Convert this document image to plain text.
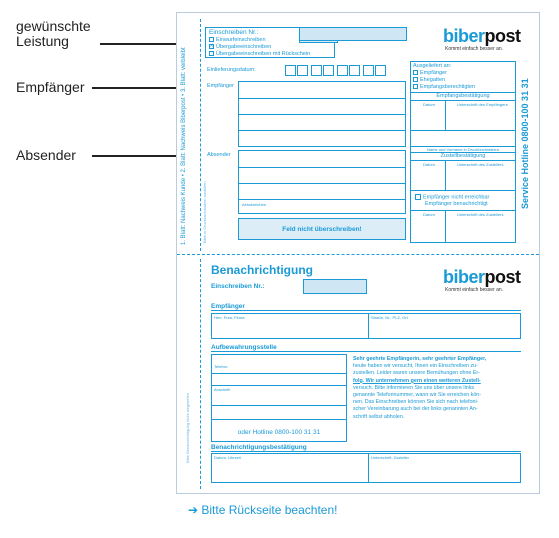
gewünschte
Leistung
Empfänger
Absender	1. Blatt: Nachweis Kunde • 2. Blatt: Nachweis Biberpost • 3. Blatt: verbleibt	Bitte in Druckbuchstaben ausfüllen
Einschreiben Nr.:
Einwurfeinschreiben
✕Übergabeeinschreiben
Übergabeeinschreiben mit Rückschein
biberpost
Kommt einfach besser an.
Service Hotline 0800-100 31 31
Einlieferungsdatum:
Empfänger
Absender
Abholzeichen
Feld nicht überschreiben!
Ausgeliefert an:
Empfänger
Ehegatten
Empfangsberechtigten
Empfangsbestätigung
Datum	Unterschrift des Empfängers
Name und Vorname in Druckbuchstaben
Zustellbestätigung
Datum	Unterschrift des Zustellers
Empfänger nicht erreichbar
Empfänger benachrichtigt
Datum	Unterschrift des Zustellers
Bitte Benachrichtigung nicht wegwerfen
Benachrichtigung
Einschreiben Nr.:	biberpost
Kommt einfach besser an.
Empfänger
Herr, Frau, Firma	Straße, Nr., PLZ, Ort
Aufbewahrungsstelle
Telefon:
Anschrift:
oder Hotline 0800-100 31 31
Sehr geehrte Empfängerin, sehr geehrter Empfänger,
heute haben wir versucht, Ihnen ein Einschreiben zu-
zustellen. Leider waren unsere Bemühungen ohne Er-
folg. Wir unternehmen gern einen weiteren Zustell-
versuch. Bitte informieren Sie uns über unsere links
genannte Telefonnummer, wann wir Sie erreichen kön-
nen. Das Einschreiben können Sie sich nach telefoni-
scher Vereinbarung auch bei der links genannten An-
schrift selbst abholen.
Benachrichtigungsbestätigung
Datum, Uhrzeit	Unterschrift, Zusteller
➔ Bitte Rückseite beachten!
